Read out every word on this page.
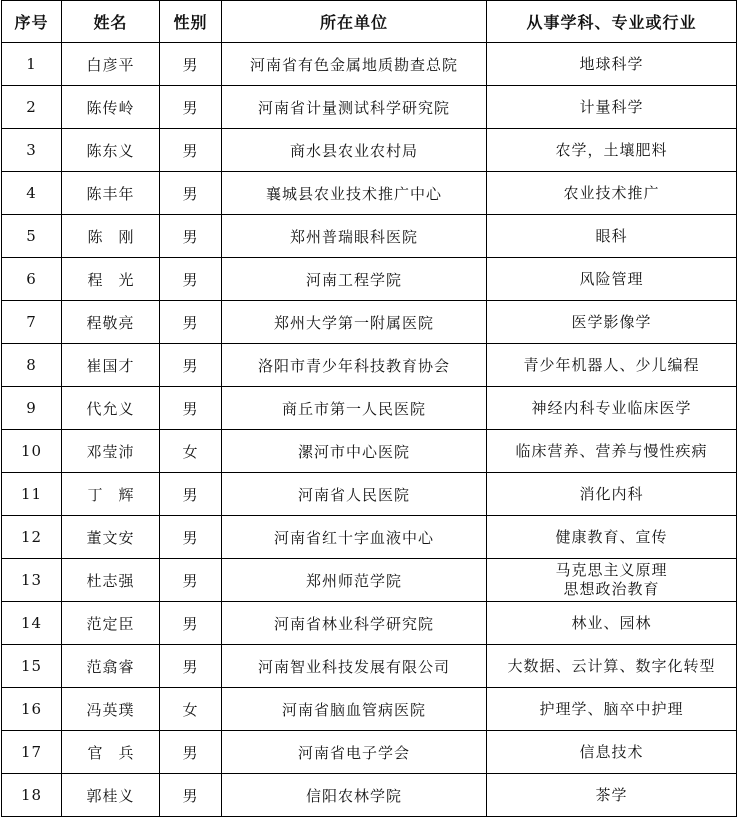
序号	姓名	性别	所在单位	从事学科、专业或行业
1	白彦平	男	河南省有色金属地质勘查总院	地球科学

2	陈传岭	男	河南省计量测试科学研究院	计量科学

3	陈东义	男	商水县农业农村局	农学，土壤肥料

4	陈丰年	男	襄城县农业技术推广中心	农业技术推广

5	陈刚	男	郑州普瑞眼科医院	眼科

6	程光	男	河南工程学院	风险管理

7	程敬亮	男	郑州大学第一附属医院	医学影像学

8	崔国才	男	洛阳市青少年科技教育协会	青少年机器人、少儿编程

9	代允义	男	商丘市第一人民医院	神经内科专业临床医学

10	邓莹沛	女	漯河市中心医院	临床营养、营养与慢性疾病

11	丁辉	男	河南省人民医院	消化内科

12	董文安	男	河南省红十字血液中心	健康教育、宣传

13	杜志强	男	郑州师范学院	马克思主义原理
思想政治教育

14	范定臣	男	河南省林业科学研究院	林业、园林

15	范翕睿	男	河南智业科技发展有限公司	大数据、云计算、数字化转型

16	冯英璞	女	河南省脑血管病医院	护理学、脑卒中护理

17	官兵	男	河南省电子学会	信息技术

18	郭桂义	男	信阳农林学院	茶学
